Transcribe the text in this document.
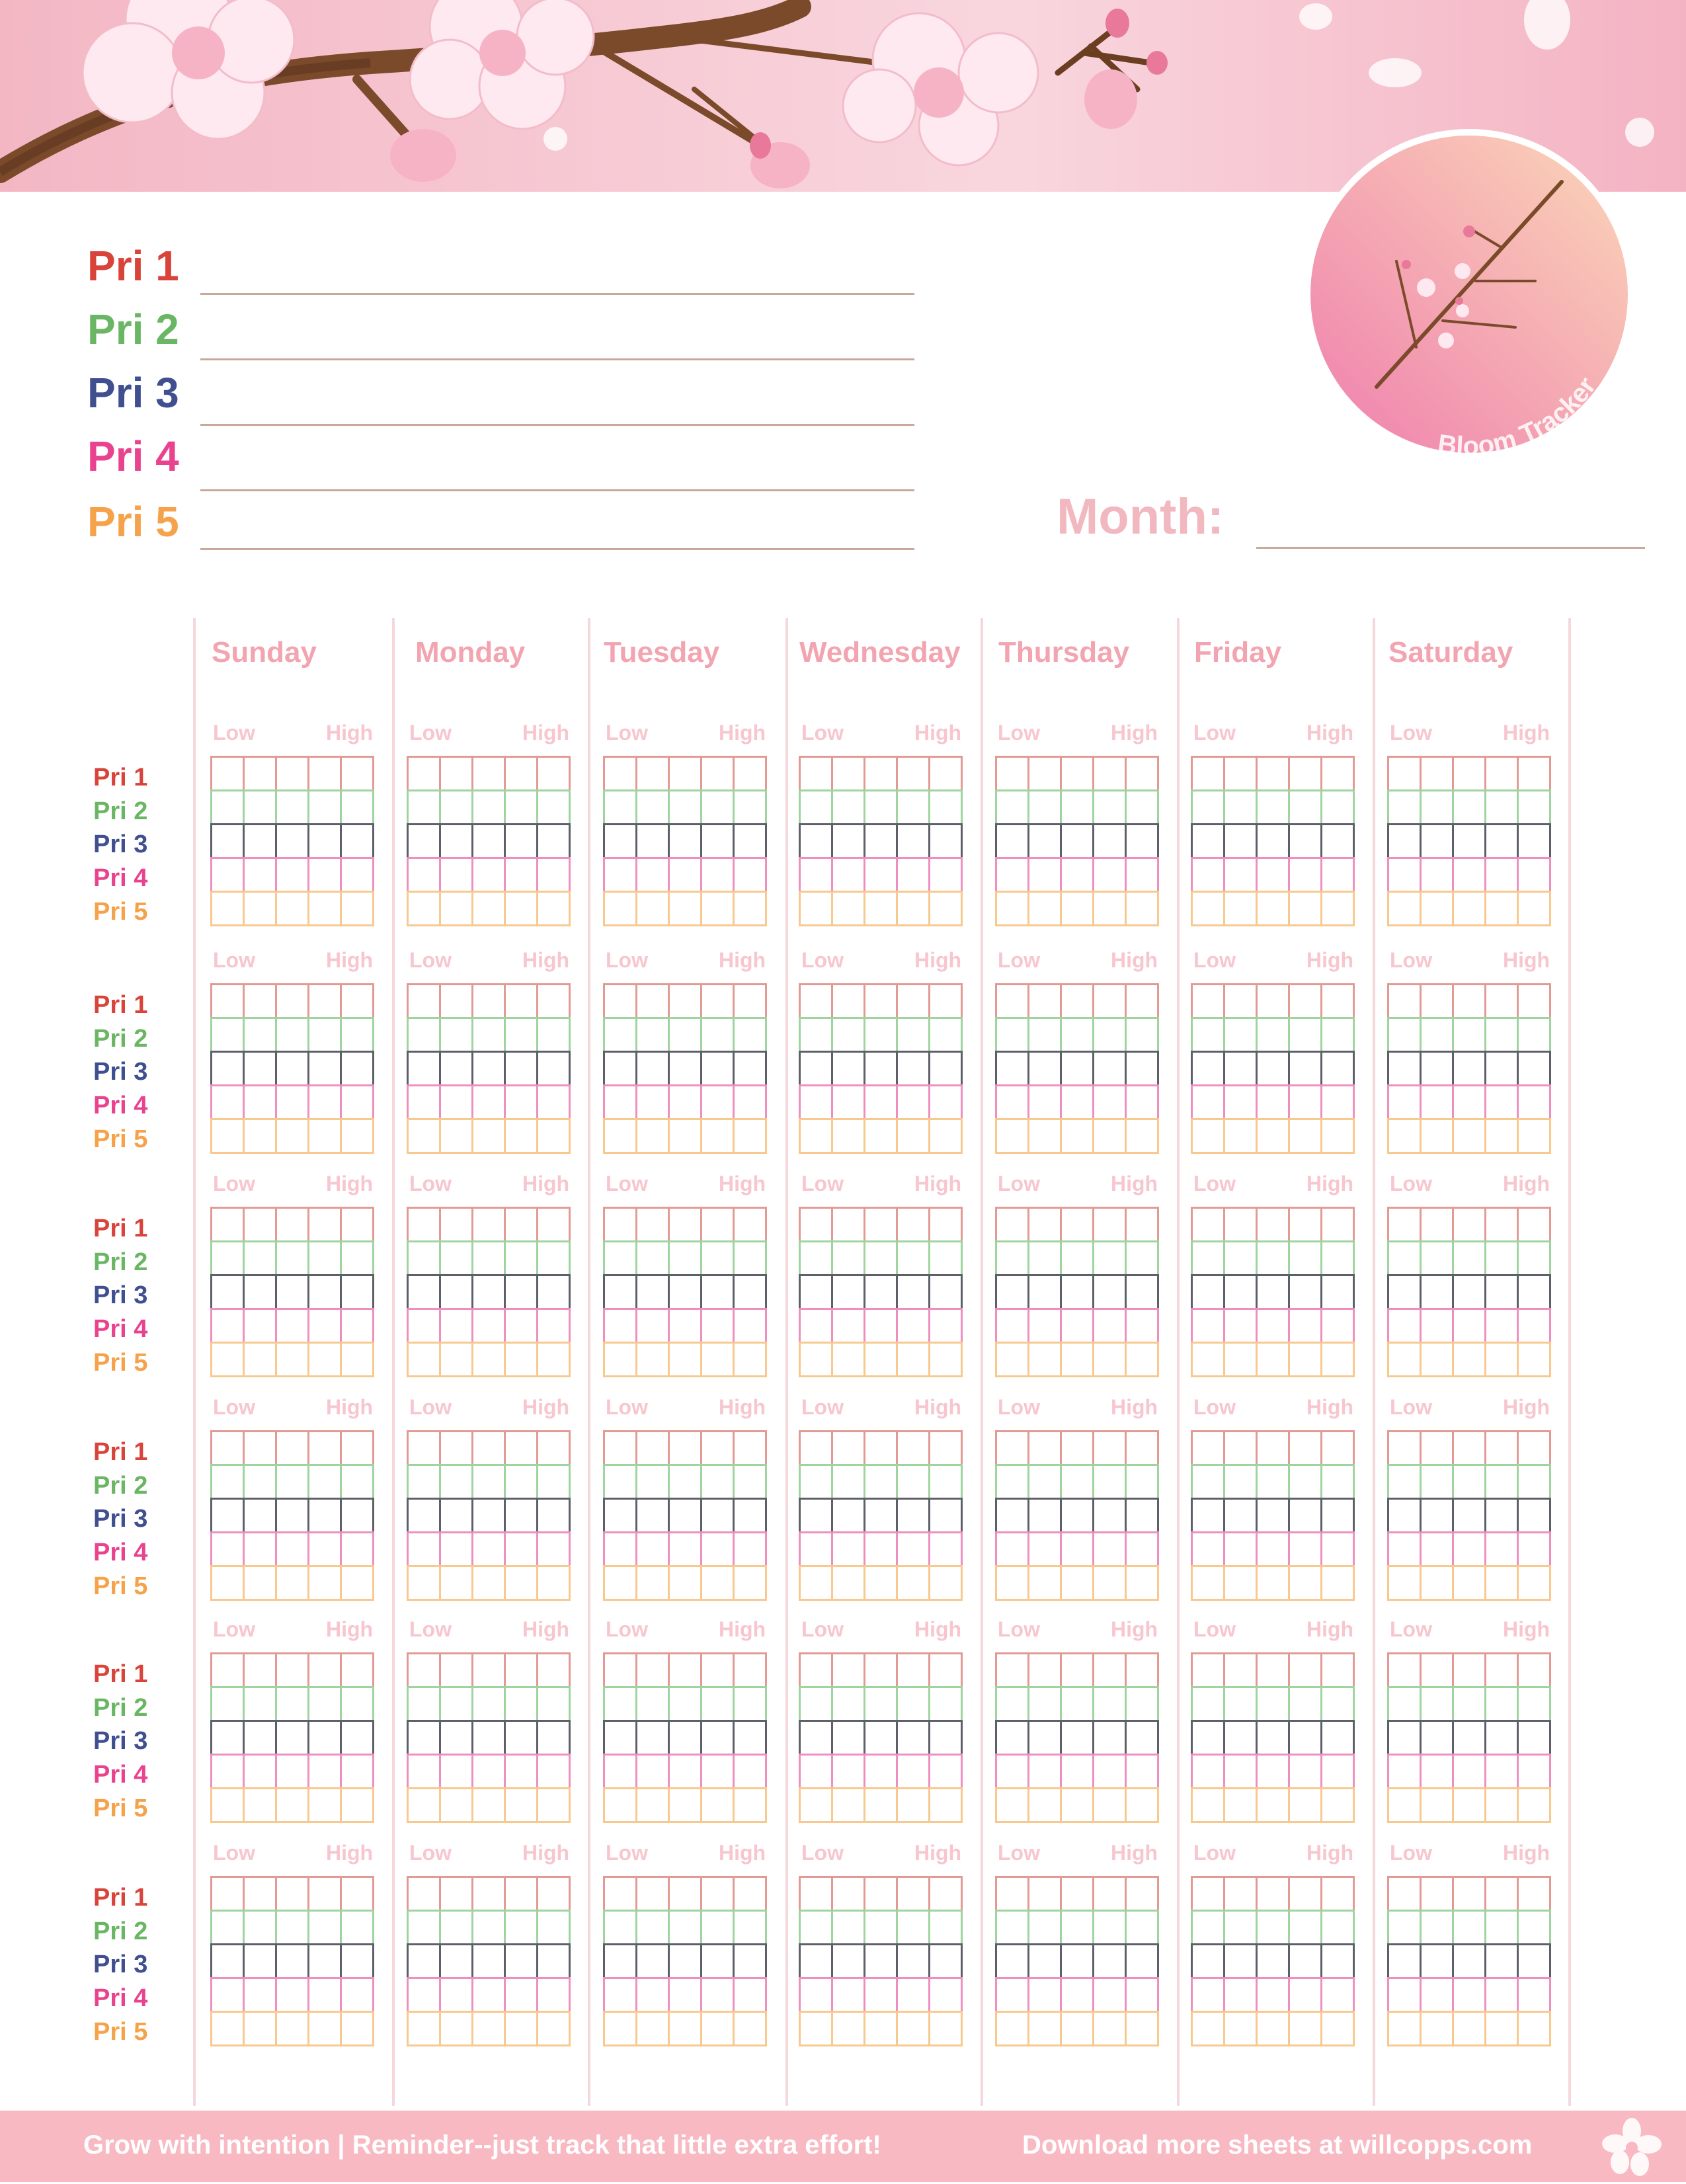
Bloom Tracker
Pri 1
Pri 2
Pri 3
Pri 4
Pri 5	Month:
Sunday	Monday	Tuesday	Wednesday Thursday Friday	Saturday
Pri 1
Pri 2
Pri 3
Pri 4
Pri 5
Low	High Low	High Low	High Low	High Low	High Low	High Low	High
Pri 1
Pri 2
Pri 3
Pri 4
Pri 5
Low	High Low	High Low	High Low	High Low	High Low	High Low	High
Pri 1
Pri 2
Pri 3
Pri 4
Pri 5
Low	High Low	High Low	High Low	High Low	High Low	High Low	High
Pri 1
Pri 2
Pri 3
Pri 4
Pri 5
Low	High Low	High Low	High Low	High Low	High Low	High Low	High
Pri 1
Pri 2
Pri 3
Pri 4
Pri 5
Low	High Low	High Low	High Low	High Low	High Low	High Low	High
Pri 1
Pri 2
Pri 3
Pri 4
Pri 5
Low	High Low	High Low	High Low	High Low	High Low	High Low	High
Grow with intention | Reminder--just track that little extra effort!	Download more sheets at willcopps.com
